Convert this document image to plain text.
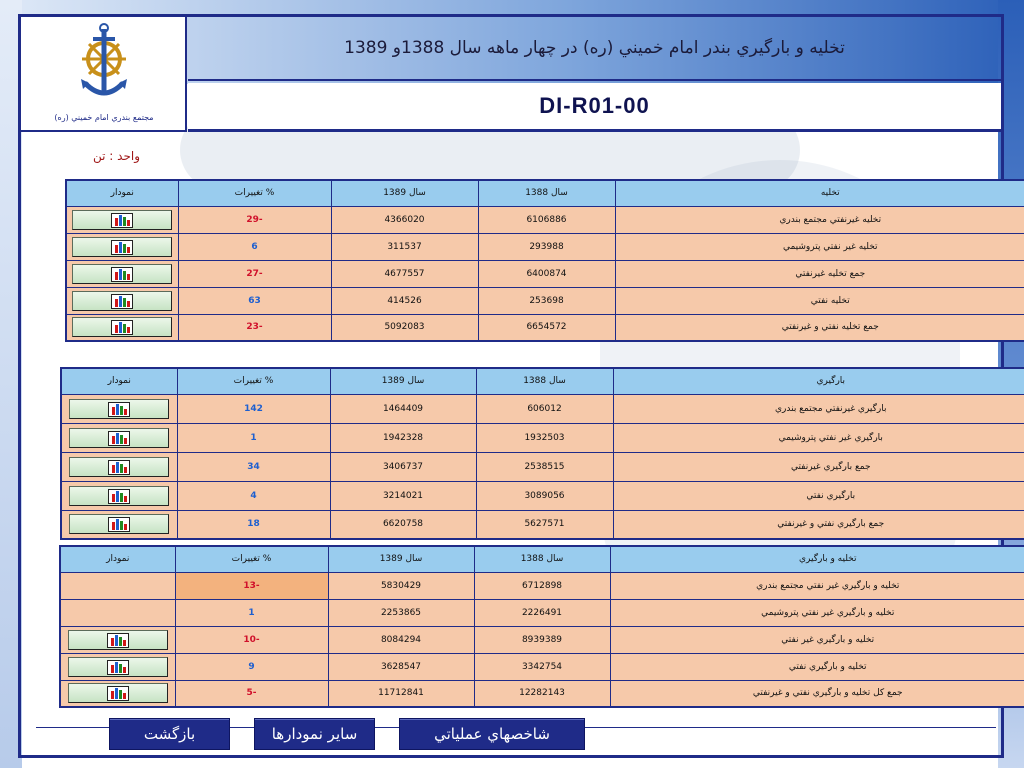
مجتمع بندري امام خميني (ره)
تخليه و بارگيري بندر امام خميني (ره) در چهار ماهه سال 1388و 1389
DI-R01-00
واحد : تن
نمودار	% تغييرات	سال 1389	سال 1388	تخليه

	-29	4366020	6106886	تخليه غيرنفتي مجتمع بندري

	6	311537	293988	تخليه غير نفتي پتروشيمي

	-27	4677557	6400874	جمع تخليه غيرنفتي

	63	414526	253698	تخليه نفتي

	-23	5092083	6654572	جمع تخليه نفتي و غيرنفتي
نمودار	% تغييرات	سال 1389	سال 1388	بارگيري

	142	1464409	606012	بارگيري غيرنفتي مجتمع بندري

	1	1942328	1932503	بارگيري غير نفتي پتروشيمي

	34	3406737	2538515	جمع بارگيري غيرنفتي

	4	3214021	3089056	بارگيري نفتي

	18	6620758	5627571	جمع بارگيري نفتي و غيرنفتي
نمودار	% تغييرات	سال 1389	سال 1388	تخليه و بارگيري
	-13	5830429	6712898	تخليه و بارگيري غير نفتي مجتمع بندري
	1	2253865	2226491	تخليه و بارگيري غير نفتي پتروشيمي

	-10	8084294	8939389	تخليه و بارگيري غير نفتي

	9	3628547	3342754	تخليه و بارگيري نفتي

	-5	11712841	12282143	جمع کل تخليه و بارگيري نفتي و غيرنفتي
بازگشت	ساير نمودارها	شاخصهاي عملياتي
